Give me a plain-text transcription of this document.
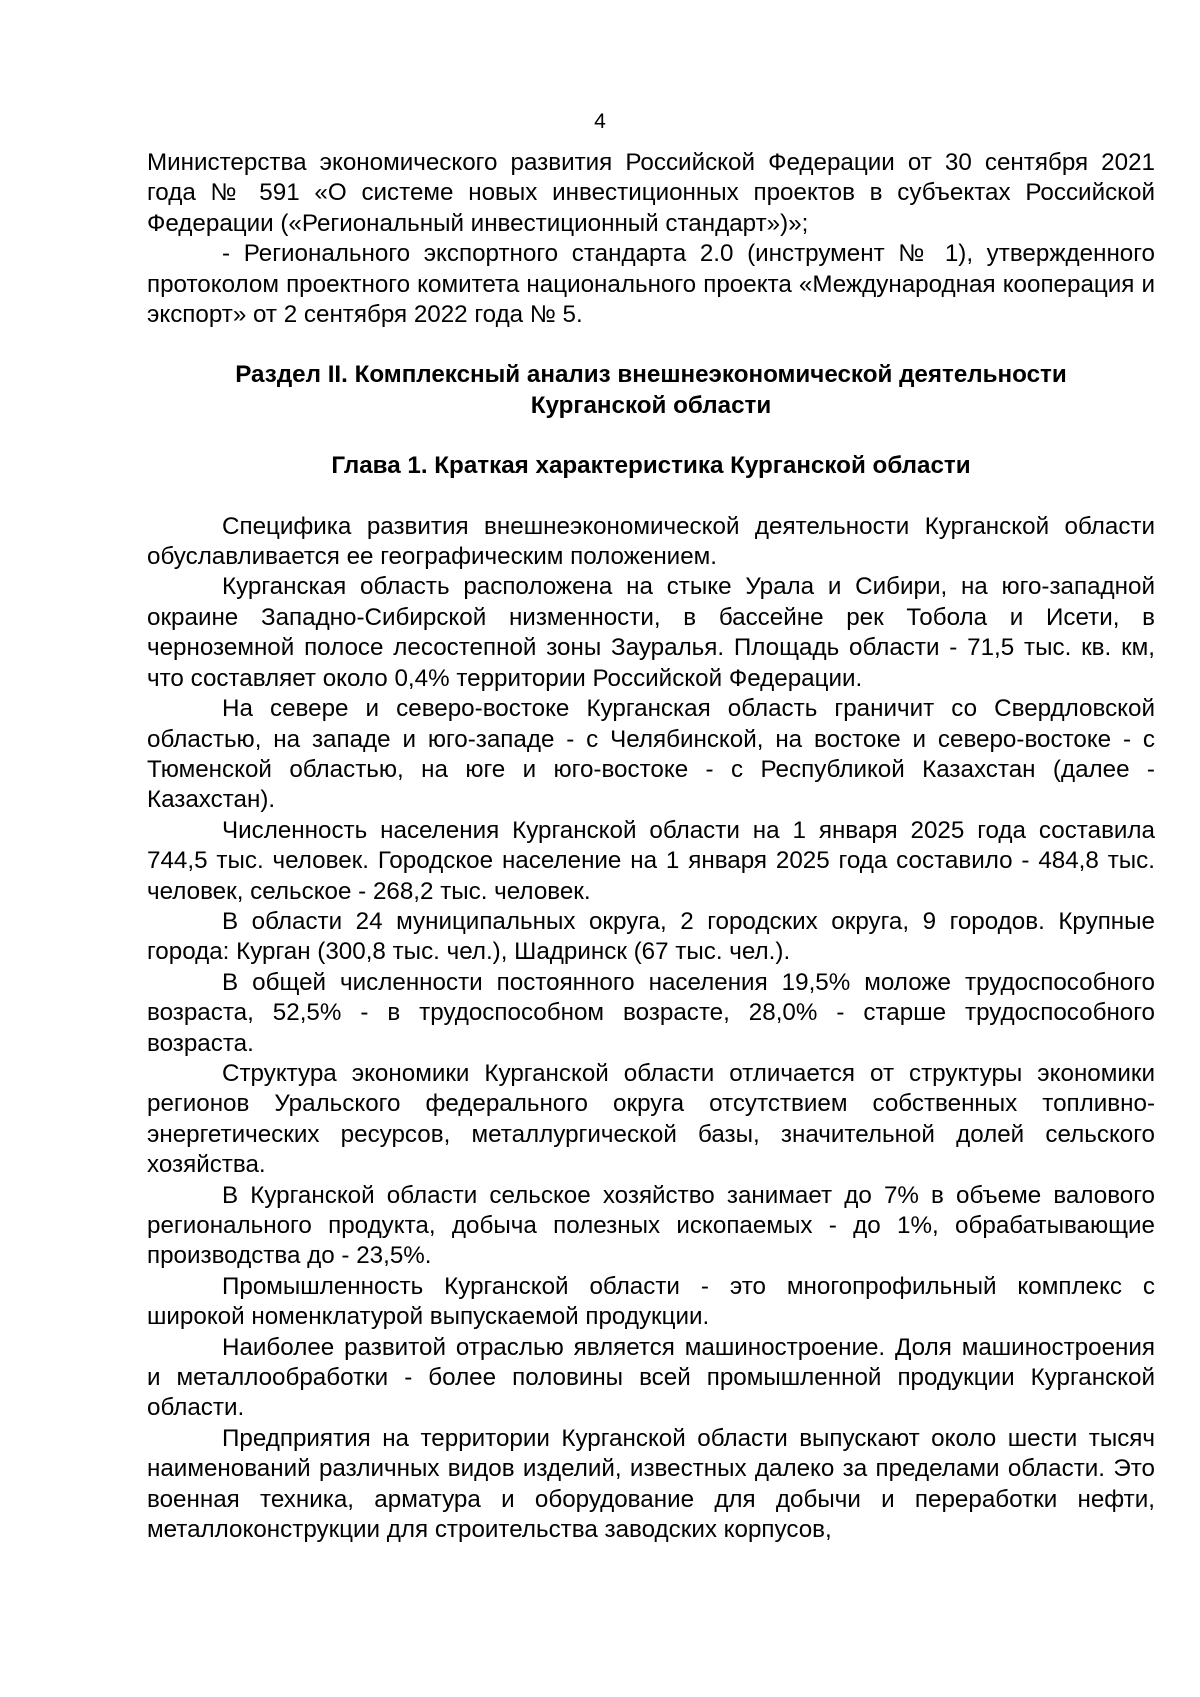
4

Министерства экономического развития Российской Федерации от 30 сентября 2021 года № 591 «О системе новых инвестиционных проектов в субъектах Российской Федерации («Региональный инвестиционный стандарт»)»;

- Регионального экспортного стандарта 2.0 (инструмент № 1), утвержденного протоколом проектного комитета национального проекта «Международная кооперация и экспорт» от 2 сентября 2022 года № 5.

Раздел II. Комплексный анализ внешнеэкономической деятельности
Курганской области
Глава 1. Краткая характеристика Курганской области

Специфика развития внешнеэкономической деятельности Курганской области обуславливается ее географическим положением.

Курганская область расположена на стыке Урала и Сибири, на юго-западной окраине Западно-Сибирской низменности, в бассейне рек Тобола и Исети, в черноземной полосе лесостепной зоны Зауралья. Площадь области - 71,5 тыс. кв. км, что составляет около 0,4% территории Российской Федерации.

На севере и северо-востоке Курганская область граничит со Свердловской областью, на западе и юго-западе - с Челябинской, на востоке и северо-востоке - с Тюменской областью, на юге и юго-востоке - с Республикой Казахстан (далее - Казахстан).

Численность населения Курганской области на 1 января 2025 года составила 744,5 тыс. человек. Городское население на 1 января 2025 года составило - 484,8 тыс. человек, сельское - 268,2 тыс. человек.

В области 24 муниципальных округа, 2 городских округа, 9 городов. Крупные города: Курган (300,8 тыс. чел.), Шадринск (67 тыс. чел.).

В общей численности постоянного населения 19,5% моложе трудоспособного возраста, 52,5% - в трудоспособном возрасте, 28,0% - старше трудоспособного возраста.

Структура экономики Курганской области отличается от структуры экономики регионов Уральского федерального округа отсутствием собственных топливно-энергетических ресурсов, металлургической базы, значительной долей сельского хозяйства.

В Курганской области сельское хозяйство занимает до 7% в объеме валового регионального продукта, добыча полезных ископаемых - до 1%, обрабатывающие производства до - 23,5%.

Промышленность Курганской области - это многопрофильный комплекс с широкой номенклатурой выпускаемой продукции.

Наиболее развитой отраслью является машиностроение. Доля машиностроения и металлообработки - более половины всей промышленной продукции Курганской области.

Предприятия на территории Курганской области выпускают около шести тысяч наименований различных видов изделий, известных далеко за пределами области. Это военная техника, арматура и оборудование для добычи и переработки нефти, металлоконструкции для строительства заводских корпусов,
